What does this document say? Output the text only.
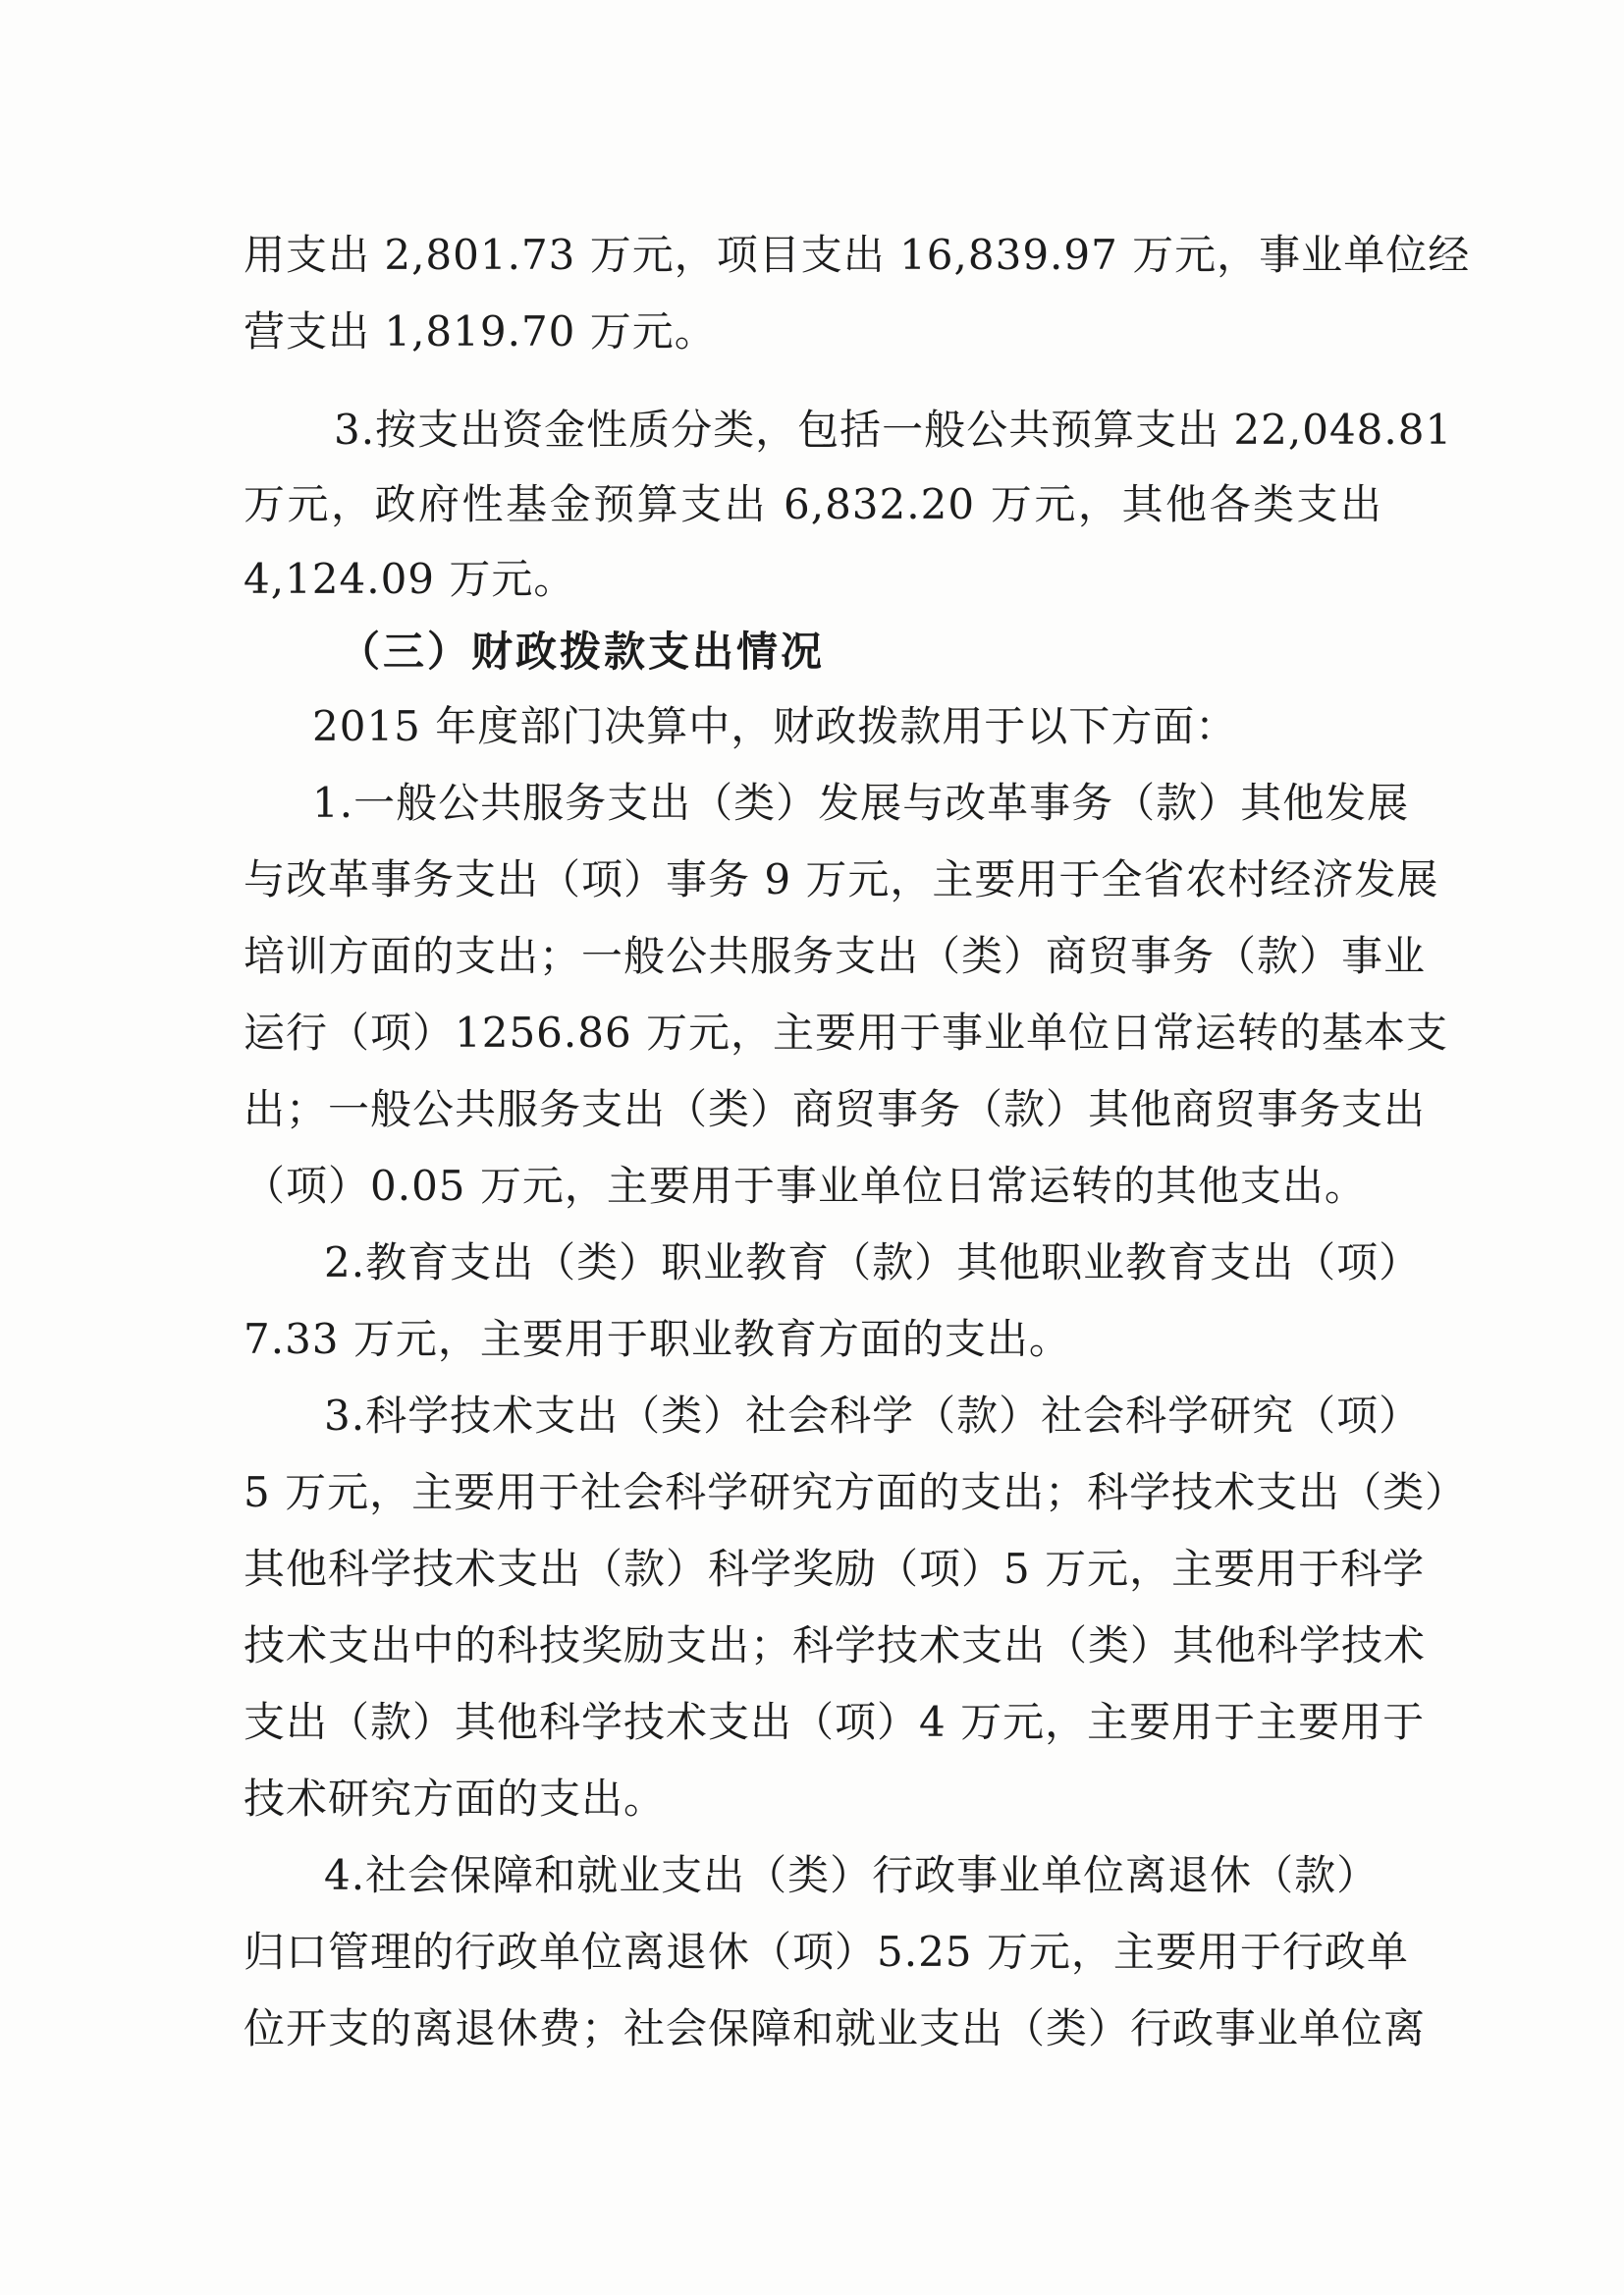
用支出 2,801.73 万元，项目支出 16,839.97 万元，事业单位经
营支出 1,819.70 万元。
3.按支出资金性质分类，包括一般公共预算支出 22,048.81
万元，政府性基金预算支出 6,832.20 万元，其他各类支出
4,124.09 万元。
（三）财政拨款支出情况
2015 年度部门决算中，财政拨款用于以下方面：
1.一般公共服务支出（类）发展与改革事务（款）其他发展
与改革事务支出（项）事务 9 万元，主要用于全省农村经济发展
培训方面的支出；一般公共服务支出（类）商贸事务（款）事业
运行（项）1256.86 万元，主要用于事业单位日常运转的基本支
出；一般公共服务支出（类）商贸事务（款）其他商贸事务支出
（项）0.05 万元，主要用于事业单位日常运转的其他支出。
2.教育支出（类）职业教育（款）其他职业教育支出（项）
7.33 万元，主要用于职业教育方面的支出。
3.科学技术支出（类）社会科学（款）社会科学研究（项）
5 万元，主要用于社会科学研究方面的支出；科学技术支出（类）
其他科学技术支出（款）科学奖励（项）5 万元，主要用于科学
技术支出中的科技奖励支出；科学技术支出（类）其他科学技术
支出（款）其他科学技术支出（项）4 万元，主要用于主要用于
技术研究方面的支出。
4.社会保障和就业支出（类）行政事业单位离退休（款）
归口管理的行政单位离退休（项）5.25 万元，主要用于行政单
位开支的离退休费；社会保障和就业支出（类）行政事业单位离
